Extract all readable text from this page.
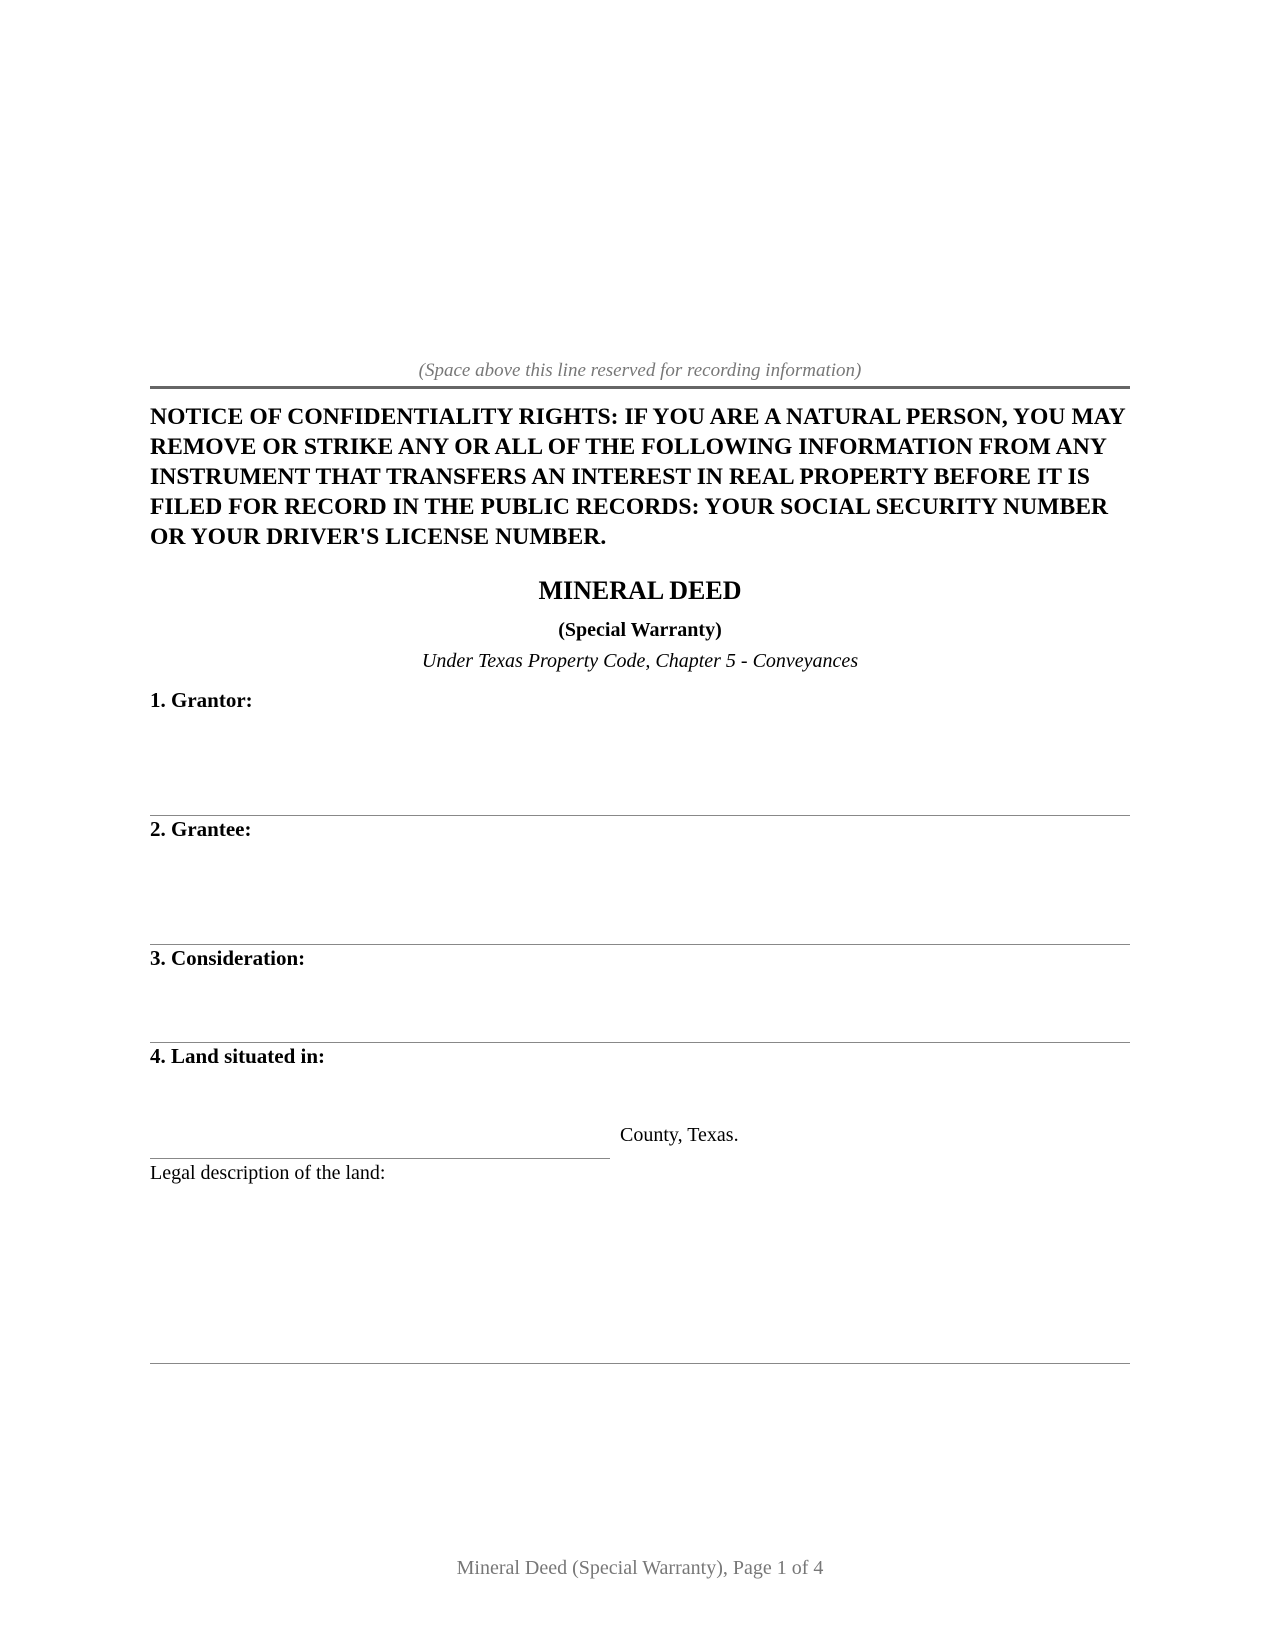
(Space above this line reserved for recording information)

NOTICE OF CONFIDENTIALITY RIGHTS: IF YOU ARE A NATURAL PERSON, YOU MAY REMOVE OR STRIKE ANY OR ALL OF THE FOLLOWING INFORMATION FROM ANY INSTRUMENT THAT TRANSFERS AN INTEREST IN REAL PROPERTY BEFORE IT IS FILED FOR RECORD IN THE PUBLIC RECORDS: YOUR SOCIAL SECURITY NUMBER OR YOUR DRIVER'S LICENSE NUMBER.

MINERAL DEED
(Special Warranty)
Under Texas Property Code, Chapter 5 - Conveyances
1. Grantor:
2. Grantee:
3. Consideration:
4. Land situated in:
County, Texas.
Legal description of the land:
Mineral Deed (Special Warranty), Page 1 of 4
